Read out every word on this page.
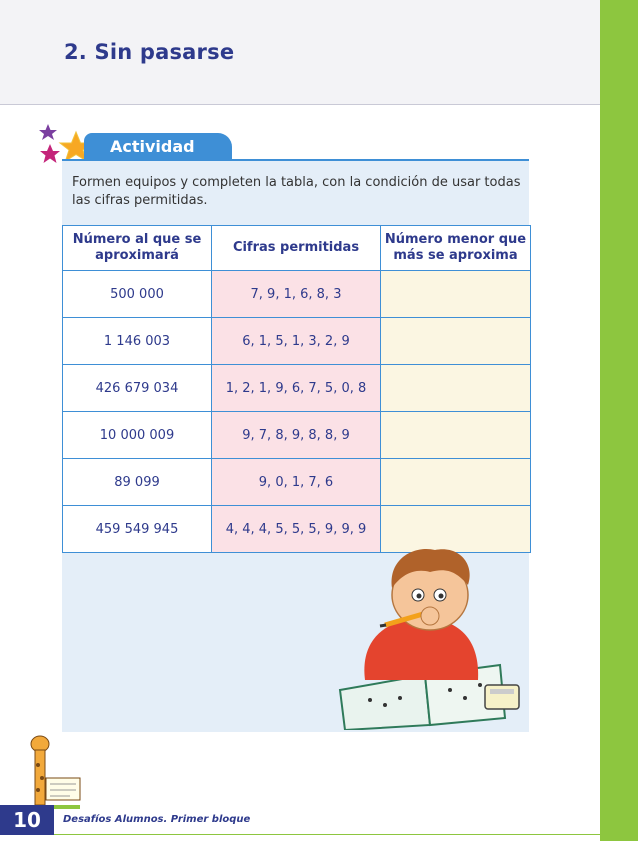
2. Sin pasarse
Actividad
Formen equipos y completen la tabla, con la condición de usar todas las cifras permitidas.
Número al que se aproximará	Cifras permitidas	Número menor que más se aproxima
500 000	7, 9, 1, 6, 8, 3	
1 146 003	6, 1, 5, 1, 3, 2, 9	
426 679 034	1, 2, 1, 9, 6, 7, 5, 0, 8	
10 000 009	9, 7, 8, 9, 8, 8, 9	
89 099	9, 0, 1, 7, 6	
459 549 945	4, 4, 4, 5, 5, 5, 9, 9, 9	
10	Desafíos Alumnos. Primer bloque
